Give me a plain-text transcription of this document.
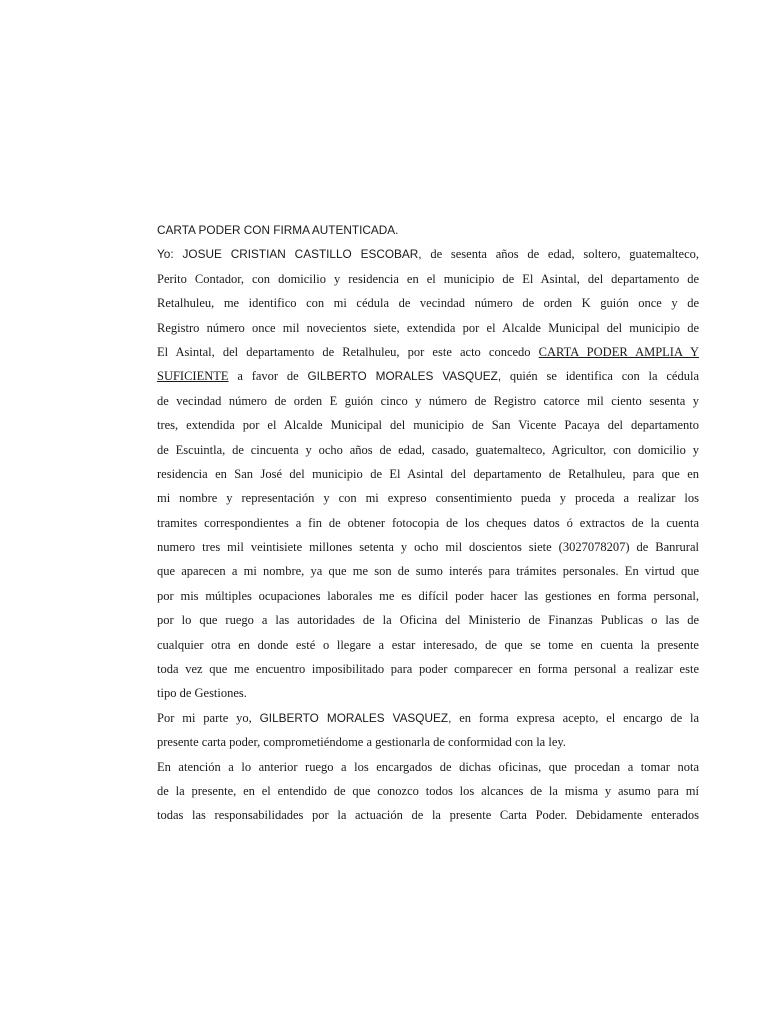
CARTA PODER CON FIRMA AUTENTICADA.
Yo: JOSUE CRISTIAN CASTILLO ESCOBAR, de sesenta años de edad, soltero, guatemalteco,
Perito Contador, con domicilio y residencia en el municipio de El Asintal, del departamento de
Retalhuleu, me identifico con mi cédula de vecindad número de orden K guión once y de
Registro número once mil novecientos siete, extendida por el Alcalde Municipal del municipio de
El Asintal, del departamento de Retalhuleu, por este acto concedo CARTA PODER AMPLIA Y
SUFICIENTE a favor de GILBERTO MORALES VASQUEZ, quién se identifica con la cédula
de vecindad número de orden E guión cinco y número de Registro catorce mil ciento sesenta y
tres, extendida por el Alcalde Municipal del municipio de San Vicente Pacaya del departamento
de Escuintla, de cincuenta y ocho años de edad, casado, guatemalteco, Agricultor, con domicilio y
residencia en San José del municipio de El Asintal del departamento de Retalhuleu, para que en
mi nombre y representación y con mi expreso consentimiento pueda y proceda a realizar los
tramites correspondientes a fin de obtener fotocopia de los cheques datos ó extractos de la cuenta
numero tres mil veintisiete millones setenta y ocho mil doscientos siete (3027078207) de Banrural
que aparecen a mi nombre, ya que me son de sumo interés para trámites personales. En virtud que
por mis múltiples ocupaciones laborales me es difícil poder hacer las gestiones en forma personal,
por lo que ruego a las autoridades de la Oficina del Ministerio de Finanzas Publicas o las de
cualquier otra en donde esté o llegare a estar interesado, de que se tome en cuenta la presente
toda vez que me encuentro imposibilitado para poder comparecer en forma personal a realizar este
tipo de Gestiones.
Por mi parte yo, GILBERTO MORALES VASQUEZ, en forma expresa acepto, el encargo de la
presente carta poder, comprometiéndome a gestionarla de conformidad con la ley.
En atención a lo anterior ruego a los encargados de dichas oficinas, que procedan a tomar nota
de la presente, en el entendido de que conozco todos los alcances de la misma y asumo para mí
todas las responsabilidades por la actuación de la presente Carta Poder. Debidamente enterados
